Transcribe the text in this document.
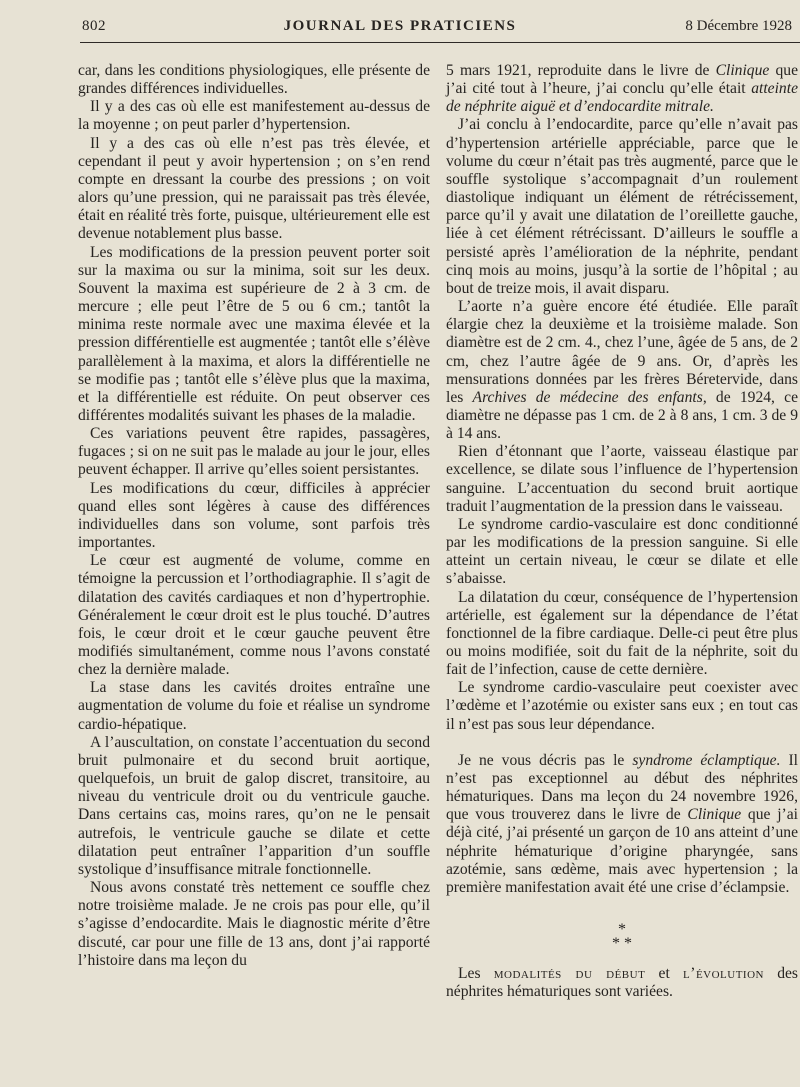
802	JOURNAL DES PRATICIENS	8 Décembre 1928

car, dans les conditions physiologiques, elle présente de grandes différences individuelles.

Il y a des cas où elle est manifestement au-dessus de la moyenne ; on peut parler d’hypertension.

Il y a des cas où elle n’est pas très élevée, et cependant il peut y avoir hypertension ; on s’en rend compte en dressant la courbe des pressions ; on voit alors qu’une pression, qui ne paraissait pas très élevée, était en réalité très forte, puisque, ultérieurement elle est devenue notablement plus basse.

Les modifications de la pression peuvent porter soit sur la maxima ou sur la minima, soit sur les deux. Souvent la maxima est supérieure de 2 à 3 cm. de mercure ; elle peut l’être de 5 ou 6 cm.; tantôt la minima reste normale avec une maxima élevée et la pression différentielle est augmentée ; tantôt elle s’élève parallèlement à la maxima, et alors la différentielle ne se modifie pas ; tantôt elle s’élève plus que la maxima, et la différentielle est réduite. On peut observer ces différentes modalités suivant les phases de la maladie.

Ces variations peuvent être rapides, passagères, fugaces ; si on ne suit pas le malade au jour le jour, elles peuvent échapper. Il arrive qu’elles soient persistantes.

Les modifications du cœur, difficiles à apprécier quand elles sont légères à cause des différences individuelles dans son volume, sont parfois très importantes.

Le cœur est augmenté de volume, comme en témoigne la percussion et l’orthodiagraphie. Il s’agit de dilatation des cavités cardiaques et non d’hypertrophie. Généralement le cœur droit est le plus touché. D’autres fois, le cœur droit et le cœur gauche peuvent être modifiés simultanément, comme nous l’avons constaté chez la dernière malade.

La stase dans les cavités droites entraîne une augmentation de volume du foie et réalise un syndrome cardio-hépatique.

A l’auscultation, on constate l’accentuation du second bruit pulmonaire et du second bruit aortique, quelquefois, un bruit de galop discret, transitoire, au niveau du ventricule droit ou du ventricule gauche. Dans certains cas, moins rares, qu’on ne le pensait autrefois, le ventricule gauche se dilate et cette dilatation peut entraîner l’apparition d’un souffle systolique d’insuffisance mitrale fonctionnelle.

Nous avons constaté très nettement ce souffle chez notre troisième malade. Je ne crois pas pour elle, qu’il s’agisse d’endocardite. Mais le diagnostic mérite d’être discuté, car pour une fille de 13 ans, dont j’ai rapporté l’histoire dans ma leçon du

5 mars 1921, reproduite dans le livre de Clinique que j’ai cité tout à l’heure, j’ai conclu qu’elle était atteinte de néphrite aiguë et d’endocardite mitrale.

J’ai conclu à l’endocardite, parce qu’elle n’avait pas d’hypertension artérielle appréciable, parce que le volume du cœur n’était pas très augmenté, parce que le souffle systolique s’accompagnait d’un roulement diastolique indiquant un élément de rétrécissement, parce qu’il y avait une dilatation de l’oreillette gauche, liée à cet élément rétrécissant. D’ailleurs le souffle a persisté après l’amélioration de la néphrite, pendant cinq mois au moins, jusqu’à la sortie de l’hôpital ; au bout de treize mois, il avait disparu.

L’aorte n’a guère encore été étudiée. Elle paraît élargie chez la deuxième et la troisième malade. Son diamètre est de 2 cm. 4., chez l’une, âgée de 5 ans, de 2 cm, chez l’autre âgée de 9 ans. Or, d’après les mensurations données par les frères Béretervide, dans les Archives de médecine des enfants, de 1924, ce diamètre ne dépasse pas 1 cm. de 2 à 8 ans, 1 cm. 3 de 9 à 14 ans.

Rien d’étonnant que l’aorte, vaisseau élastique par excellence, se dilate sous l’influence de l’hypertension sanguine. L’accentuation du second bruit aortique traduit l’augmentation de la pression dans le vaisseau.

Le syndrome cardio-vasculaire est donc conditionné par les modifications de la pression sanguine. Si elle atteint un certain niveau, le cœur se dilate et elle s’abaisse.

La dilatation du cœur, conséquence de l’hypertension artérielle, est également sur la dépendance de l’état fonctionnel de la fibre cardiaque. Delle-ci peut être plus ou moins modifiée, soit du fait de la néphrite, soit du fait de l’infection, cause de cette dernière.

Le syndrome cardio-vasculaire peut coexister avec l’œdème et l’azotémie ou exister sans eux ; en tout cas il n’est pas sous leur dépendance.

Je ne vous décris pas le syndrome éclamptique. Il n’est pas exceptionnel au début des néphrites hématuriques. Dans ma leçon du 24 novembre 1926, que vous trouverez dans le livre de Clinique que j’ai déjà cité, j’ai présenté un garçon de 10 ans atteint d’une néphrite hématurique d’origine pharyngée, sans azotémie, sans œdème, mais avec hypertension ; la première manifestation avait été une crise d’éclampsie.

*
* *

Les modalités du début et l’évolution des néphrites hématuriques sont variées.
